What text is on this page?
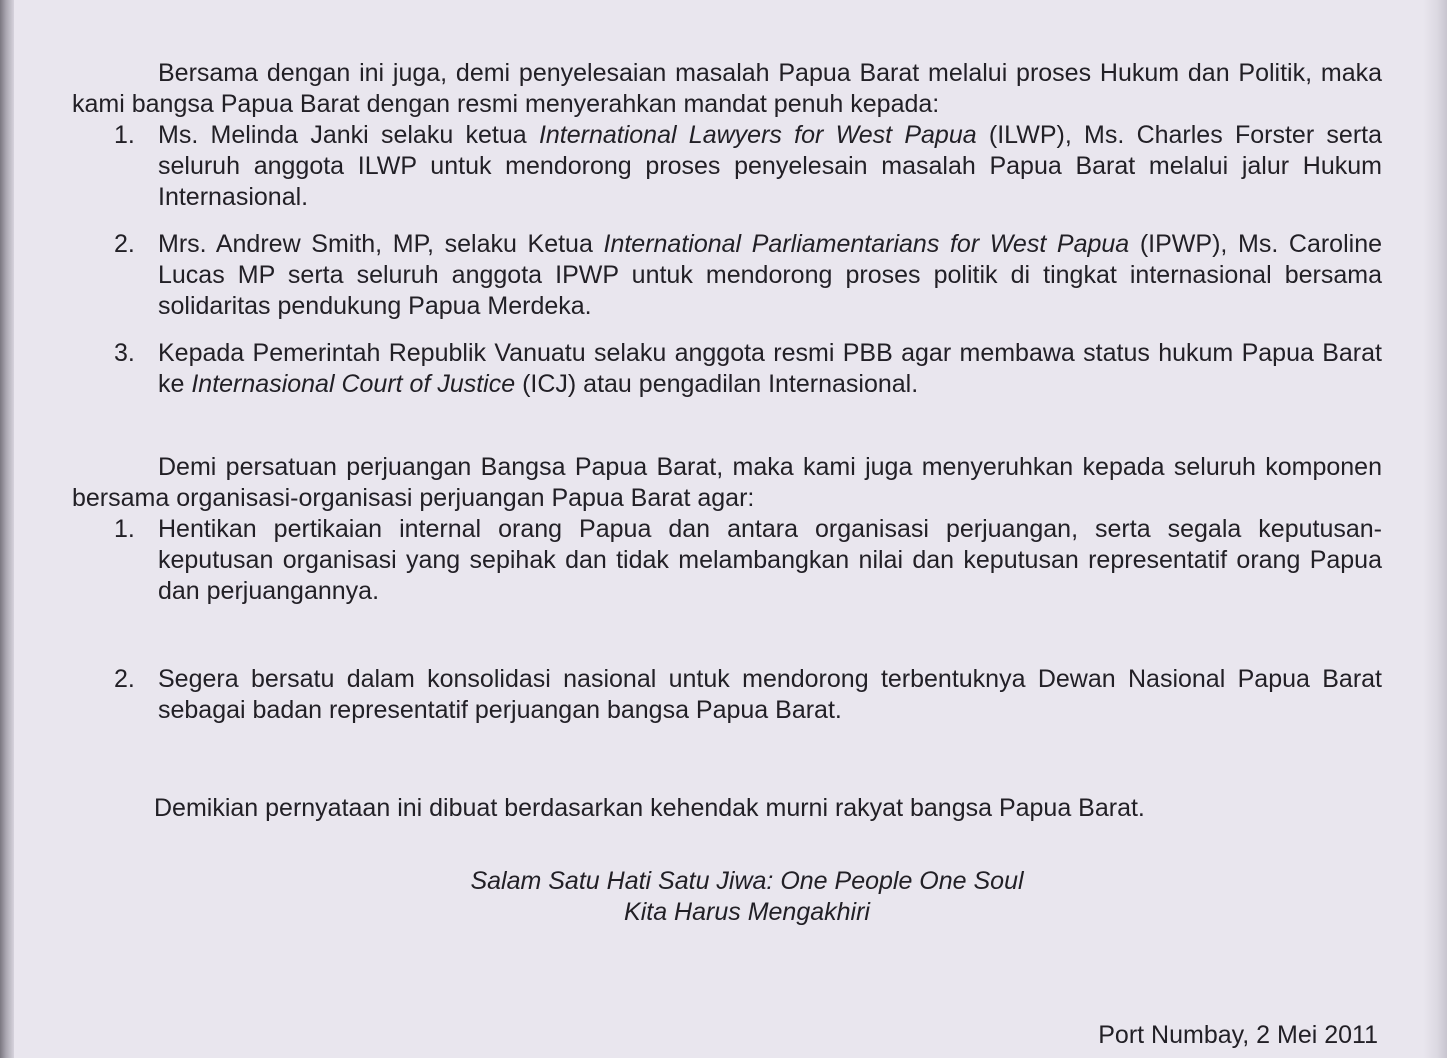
Bersama dengan ini juga, demi penyelesaian masalah Papua Barat melalui proses Hukum dan Politik, maka kami bangsa Papua Barat dengan resmi menyerahkan mandat penuh kepada:

1. Ms. Melinda Janki selaku ketua International Lawyers for West Papua (ILWP), Ms. Charles Forster serta seluruh anggota ILWP untuk mendorong proses penyelesain masalah Papua Barat melalui jalur Hukum Internasional.
2. Mrs. Andrew Smith, MP, selaku Ketua International Parliamentarians for West Papua (IPWP), Ms. Caroline Lucas MP serta seluruh anggota IPWP untuk mendorong proses politik di tingkat internasional bersama solidaritas pendukung Papua Merdeka.
3. Kepada Pemerintah Republik Vanuatu selaku anggota resmi PBB agar membawa status hukum Papua Barat ke Internasional Court of Justice (ICJ) atau pengadilan Internasional.

Demi persatuan perjuangan Bangsa Papua Barat, maka kami juga menyeruhkan kepada seluruh komponen bersama organisasi-organisasi perjuangan Papua Barat agar:

1. Hentikan pertikaian internal orang Papua dan antara organisasi perjuangan, serta segala keputusan-keputusan organisasi yang sepihak dan tidak melambangkan nilai dan keputusan representatif orang Papua dan perjuangannya.
2. Segera bersatu dalam konsolidasi nasional untuk mendorong terbentuknya Dewan Nasional Papua Barat sebagai badan representatif perjuangan bangsa Papua Barat.

Demikian pernyataan ini dibuat berdasarkan kehendak murni rakyat bangsa Papua Barat.

Salam Satu Hati Satu Jiwa: One People One Soul
Kita Harus Mengakhiri
Port Numbay, 2 Mei 2011
